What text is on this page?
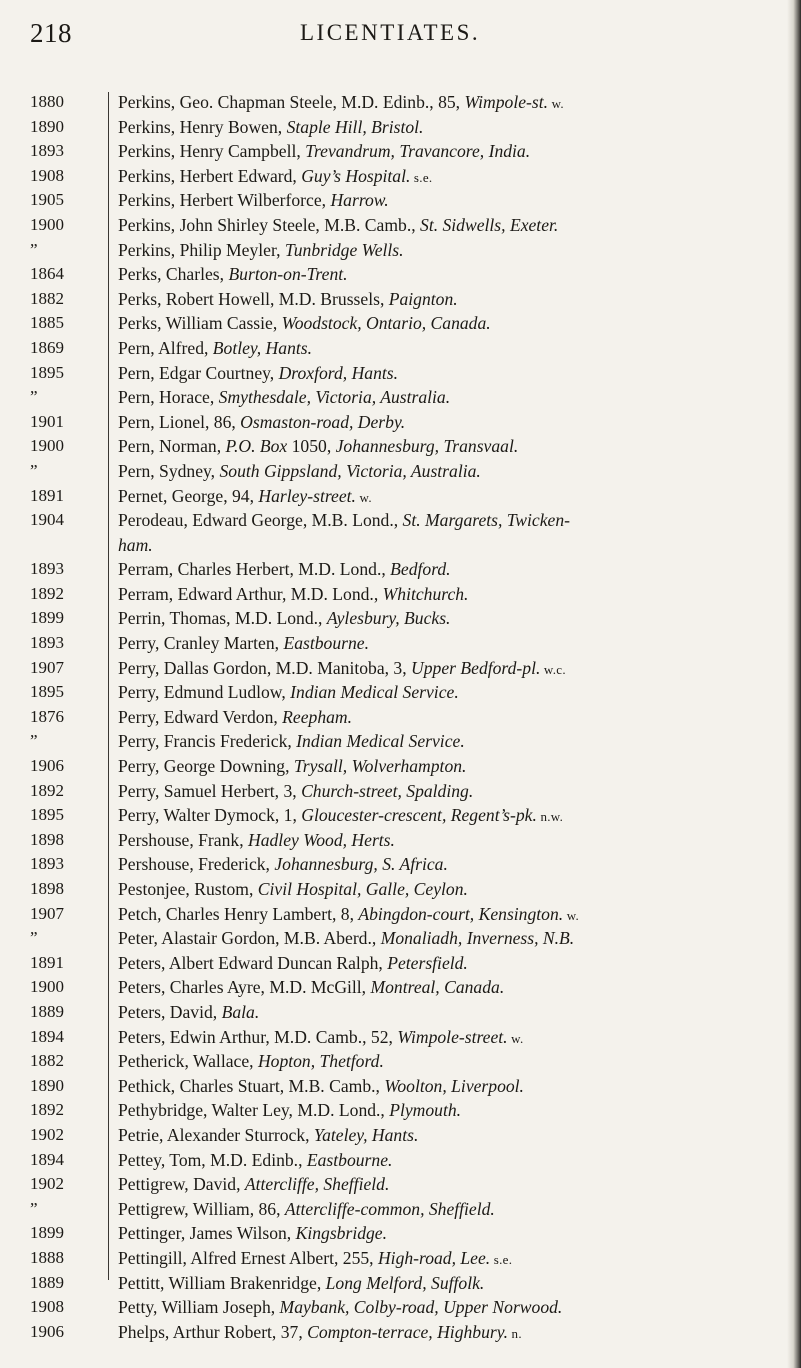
218	LICENTIATES.
1880	Perkins, Geo. Chapman Steele, M.D. Edinb., 85, Wimpole-st. w.
1890	Perkins, Henry Bowen, Staple Hill, Bristol.
1893	Perkins, Henry Campbell, Trevandrum, Travancore, India.
1908	Perkins, Herbert Edward, Guy’s Hospital. s.e.
1905	Perkins, Herbert Wilberforce, Harrow.
1900	Perkins, John Shirley Steele, M.B. Camb., St. Sidwells, Exeter.
”	Perkins, Philip Meyler, Tunbridge Wells.
1864	Perks, Charles, Burton-on-Trent.
1882	Perks, Robert Howell, M.D. Brussels, Paignton.
1885	Perks, William Cassie, Woodstock, Ontario, Canada.
1869	Pern, Alfred, Botley, Hants.
1895	Pern, Edgar Courtney, Droxford, Hants.
”	Pern, Horace, Smythesdale, Victoria, Australia.
1901	Pern, Lionel, 86, Osmaston-road, Derby.
1900	Pern, Norman, P.O. Box 1050, Johannesburg, Transvaal.
”	Pern, Sydney, South Gippsland, Victoria, Australia.
1891	Pernet, George, 94, Harley-street. w.
1904	Perodeau, Edward George, M.B. Lond., St. Margarets, Twicken-
ham.
1893	Perram, Charles Herbert, M.D. Lond., Bedford.
1892	Perram, Edward Arthur, M.D. Lond., Whitchurch.
1899	Perrin, Thomas, M.D. Lond., Aylesbury, Bucks.
1893	Perry, Cranley Marten, Eastbourne.
1907	Perry, Dallas Gordon, M.D. Manitoba, 3, Upper Bedford-pl. w.c.
1895	Perry, Edmund Ludlow, Indian Medical Service.
1876	Perry, Edward Verdon, Reepham.
”	Perry, Francis Frederick, Indian Medical Service.
1906	Perry, George Downing, Trysall, Wolverhampton.
1892	Perry, Samuel Herbert, 3, Church-street, Spalding.
1895	Perry, Walter Dymock, 1, Gloucester-crescent, Regent’s-pk. n.w.
1898	Pershouse, Frank, Hadley Wood, Herts.
1893	Pershouse, Frederick, Johannesburg, S. Africa.
1898	Pestonjee, Rustom, Civil Hospital, Galle, Ceylon.
1907	Petch, Charles Henry Lambert, 8, Abingdon-court, Kensington. w.
”	Peter, Alastair Gordon, M.B. Aberd., Monaliadh, Inverness, N.B.
1891	Peters, Albert Edward Duncan Ralph, Petersfield.
1900	Peters, Charles Ayre, M.D. McGill, Montreal, Canada.
1889	Peters, David, Bala.
1894	Peters, Edwin Arthur, M.D. Camb., 52, Wimpole-street. w.
1882	Petherick, Wallace, Hopton, Thetford.
1890	Pethick, Charles Stuart, M.B. Camb., Woolton, Liverpool.
1892	Pethybridge, Walter Ley, M.D. Lond., Plymouth.
1902	Petrie, Alexander Sturrock, Yateley, Hants.
1894	Pettey, Tom, M.D. Edinb., Eastbourne.
1902	Pettigrew, David, Attercliffe, Sheffield.
”	Pettigrew, William, 86, Attercliffe-common, Sheffield.
1899	Pettinger, James Wilson, Kingsbridge.
1888	Pettingill, Alfred Ernest Albert, 255, High-road, Lee. s.e.
1889	Pettitt, William Brakenridge, Long Melford, Suffolk.
1908	Petty, William Joseph, Maybank, Colby-road, Upper Norwood.
1906	Phelps, Arthur Robert, 37, Compton-terrace, Highbury. n.
